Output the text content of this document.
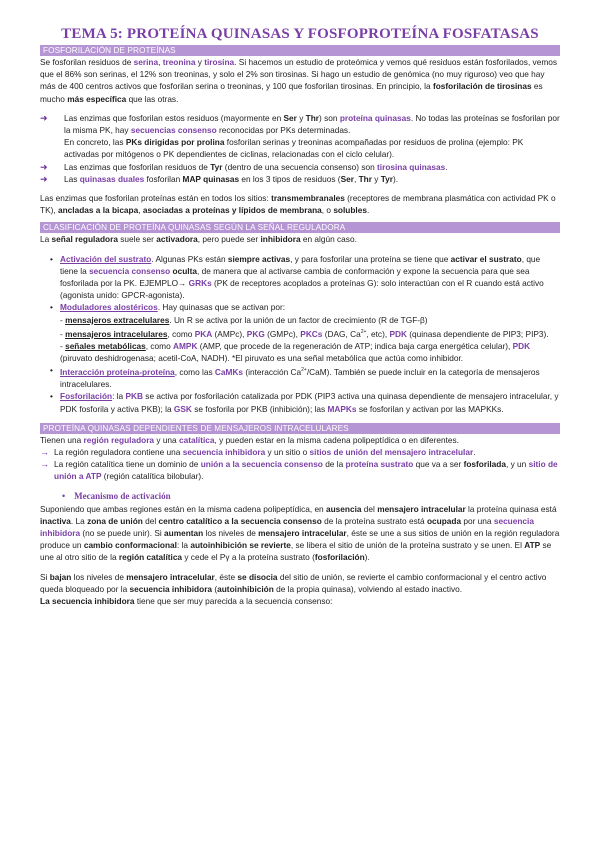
TEMA 5: PROTEÍNA QUINASAS Y FOSFOPROTEÍNA FOSFATASAS
FOSFORILACIÓN DE PROTEÍNAS

Se fosforilan residuos de serina, treonina y tirosina. Si hacemos un estudio de proteómica y vemos qué residuos están fosforilados, vemos que el 86% son serinas, el 12% son treoninas, y solo el 2% son tirosinas. Si hago un estudio de genómica (no muy riguroso) veo que hay más de 400 centros activos que fosforilan serina o treoninas, y 100 que fosforilan tirosinas. En principio, la fosforilación de tirosinas es mucho más específica que las otras.

➜	Las enzimas que fosforilan estos residuos (mayormente en Ser y Thr) son proteína quinasas. No todas las proteínas se fosforilan por la misma PK, hay secuencias consenso reconocidas por PKs determinadas.
En concreto, las PKs dirigidas por prolina fosforilan serinas y treoninas acompañadas por residuos de prolina (ejemplo: PK activadas por mitógenos o PK dependientes de ciclinas, relacionadas con el ciclo celular).
➜	Las enzimas que fosforilan residuos de Tyr (dentro de una secuencia consenso) son tirosina quinasas.
➜	Las quinasas duales fosforilan MAP quinasas en los 3 tipos de residuos (Ser, Thr y Tyr).

Las enzimas que fosforilan proteínas están en todos los sitios: transmembranales (receptores de membrana plasmática con actividad PK o TK), ancladas a la bicapa, asociadas a proteínas y lípidos de membrana, o solubles.

CLASIFICACIÓN DE PROTEÍNA QUINASAS SEGÚN LA SEÑAL REGULADORA

La señal reguladora suele ser activadora, pero puede ser inhibidora en algún caso.

• Activación del sustrato. Algunas PKs están siempre activas, y para fosforilar una proteína se tiene que activar el sustrato, que tiene la secuencia consenso oculta, de manera que al activarse cambia de conformación y expone la secuencia para que sea fosforilada por la PK. EJEMPLO→ GRKs (PK de receptores acoplados a proteínas G): solo interactúan con el R cuando está activo (agonista unido: GPCR-agonista).
• Moduladores alostéricos. Hay quinasas que se activan por:
- mensajeros extracelulares. Un R se activa por la unión de un factor de crecimiento (R de TGF-β)
- mensajeros intracelulares, como PKA (AMPc), PKG (GMPc), PKCs (DAG, $Ca^{2+}$, etc), PDK (quinasa dependiente de PIP3; PIP3).
- señales metabólicas, como AMPK (AMP, que procede de la regeneración de ATP; indica baja carga energética celular), PDK (piruvato deshidrogenasa; acetil-CoA, NADH). *El piruvato es una señal metabólica que actúa como inhibidor.
• Interacción proteína-proteína, como las CaMKs (interacción $Ca^{2+}/CaM$). También se puede incluir en la categoría de mensajeros intracelulares.
• Fosforilación: la PKB se activa por fosforilación catalizada por PDK (PIP3 activa una quinasa dependiente de mensajero intracelular, y PDK fosforila y activa PKB); la GSK se fosforila por PKB (inhibición); las MAPKs se fosforilan y activan por las MAPKKs.
PROTEÍNA QUINASAS DEPENDIENTES DE MENSAJEROS INTRACELULARES

Tienen una región reguladora y una catalítica, y pueden estar en la misma cadena polipeptídica o en diferentes.

→ La región reguladora contiene una secuencia inhibidora y un sitio o sitios de unión del mensajero intracelular.
→ La región catalítica tiene un dominio de unión a la secuencia consenso de la proteína sustrato que va a ser fosforilada, y un sitio de unión a ATP (región catalítica bilobular).
•    Mecanismo de activación

Suponiendo que ambas regiones están en la misma cadena polipeptídica, en ausencia del mensajero intracelular la proteína quinasa está inactiva. La zona de unión del centro catalítico a la secuencia consenso de la proteína sustrato está ocupada por una secuencia inhibidora (no se puede unir). Si aumentan los niveles de mensajero intracelular, éste se une a sus sitios de unión en la región reguladora produce un cambio conformacional: la autoinhibición se revierte, se libera el sitio de unión de la proteína sustrato y se unen. El ATP se une al otro sitio de la región catalítica y cede el Pγ a la proteína sustrato (fosforilación).

Si bajan los niveles de mensajero intracelular, éste se disocia del sitio de unión, se revierte el cambio conformacional y el centro activo queda bloqueado por la secuencia inhibidora (autoinhibición de la propia quinasa), volviendo al estado inactivo.
La secuencia inhibidora tiene que ser muy parecida a la secuencia consenso:
